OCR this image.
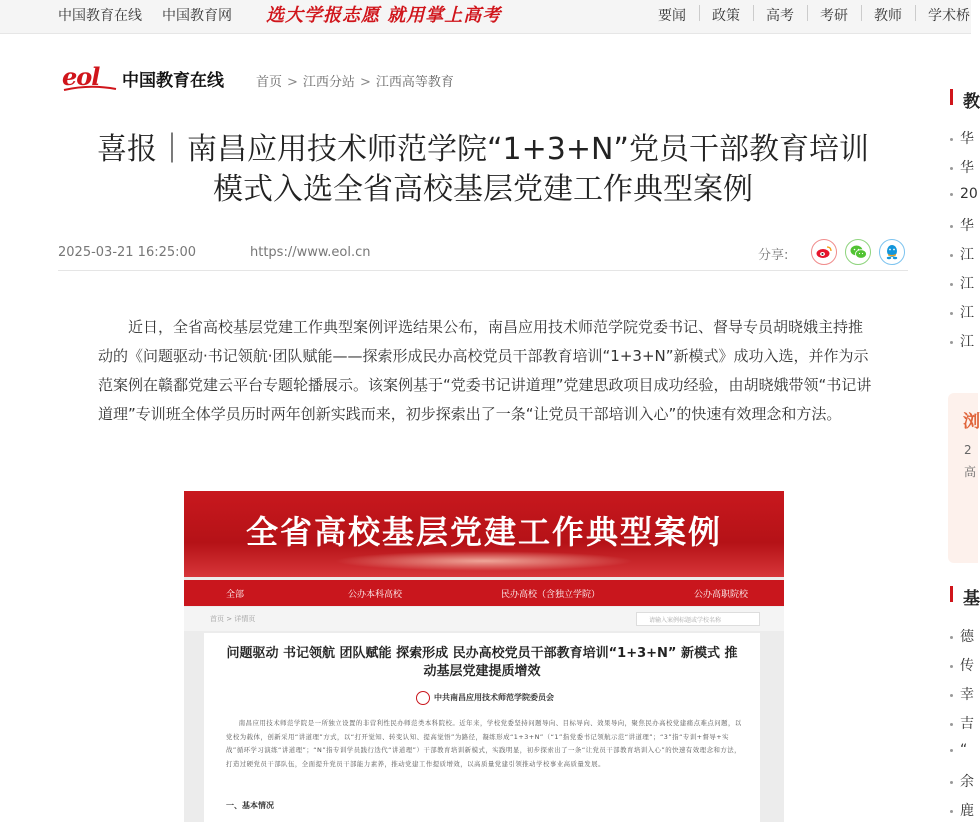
中国教育在线 中国教育网 选大学报志愿 就用掌上高考	要闻 政策 高考 考研 教师 学术桥
eol 中国教育在线 首页 > 江西分站 > 江西高等教育
喜报｜南昌应用技术师范学院“1+3+N”党员干部教育培训
模式入选全省高校基层党建工作典型案例
2025-03-21 16:25:00	https://www.eol.cn	分享:

近日，全省高校基层党建工作典型案例评选结果公布，南昌应用技术师范学院党委书记、督导专员胡晓娥主持推动的《问题驱动·书记领航·团队赋能——探索形成民办高校党员干部教育培训“1+3+N”新模式》成功入选，并作为示范案例在赣鄱党建云平台专题轮播展示。该案例基于“党委书记讲道理”党建思政项目成功经验，由胡晓娥带领“书记讲道理”专训班全体学员历时两年创新实践而来，初步探索出了一条“让党员干部培训入心”的快速有效理念和方法。

全省高校基层党建工作典型案例
全部	公办本科高校	民办高校（含独立学院）	公办高职院校
首页 > 详情页	请输入案例标题或学校名称
问题驱动 书记领航 团队赋能 探索形成 民办高校党员干部教育培训“1+3+N” 新模式 推动基层党建提质增效
中共南昌应用技术师范学院委员会
南昌应用技术师范学院是一所独立设置的非营利性民办师范类本科院校。近年来，学校党委坚持问题导向、目标导向、效果导向，聚焦民办高校党建痛点难点问题，以党校为载体，创新采用“讲道理”方式，以“打开觉知、转变认知、提高觉悟”为路径，凝练形成“1+3+N”（“1”指党委书记领航示范“讲道理”；“3”指“专训+督导+实战”循环学习演练“讲道理”；“N”指专训学员践行迭代“讲道理”）干部教育培训新模式，实践明显，初步探索出了一条“让党员干部教育培训入心”的快速有效理念和方法，打造过硬党员干部队伍，全面提升党员干部能力素养，推动党建工作提质增效，以高质量党建引领推动学校事业高质量发展。
一、基本情况
教
华
华
20
华
江
江
江
江
浏
2
高
基
德
传
幸
吉
“
余
鹿
